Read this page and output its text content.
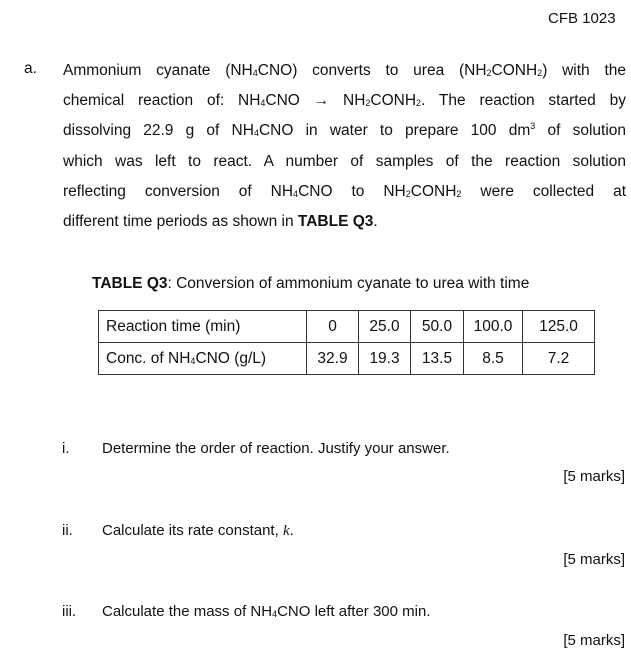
CFB 1023
a. Ammonium cyanate $(NH_4CNO)$ converts to urea $(NH_2CONH_2)$ with the
chemical reaction of: $NH_4CNO$ → $NH_2CONH_2$. The reaction started by
dissolving 22.9 g of $NH_4CNO$ in water to prepare 100 $dm^3$ of solution
which was left to react. A number of samples of the reaction solution
reflecting conversion of $NH_4CNO$ to $NH_2CONH_2$ were collected at
different time periods as shown in TABLE Q3.
TABLE Q3: Conversion of ammonium cyanate to urea with time
Reaction time (min)	0	25.0	50.0	100.0	125.0
Conc. of $NH_4CNO$ (g/L)	32.9	19.3	13.5	8.5	7.2
i. Determine the order of reaction. Justify your answer.
[5 marks]
ii. Calculate its rate constant, k.
[5 marks]
iii. Calculate the mass of $NH_4CNO$ left after 300 min.
[5 marks]
